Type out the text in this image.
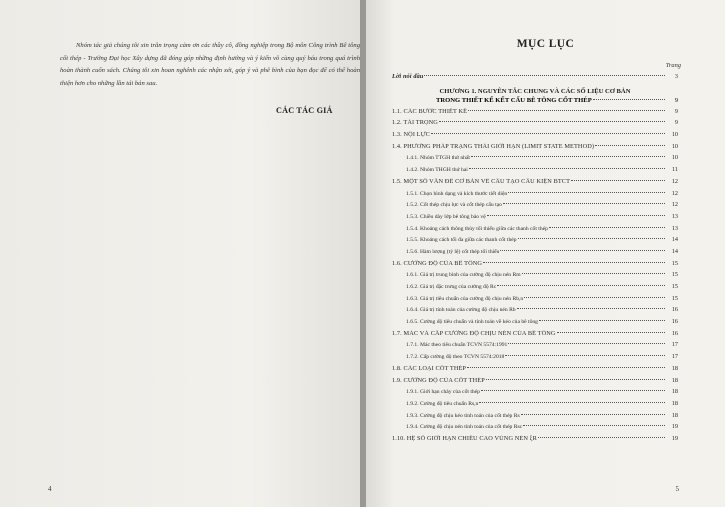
Nhóm tác giả chúng tôi xin trân trọng cảm ơn các thầy cô, đồng nghiệp trong Bộ môn Công trình Bê tông cốt thép - Trường Đại học Xây dựng đã đóng góp những định hướng và ý kiến vô cùng quý báu trong quá trình hoàn thành cuốn sách. Chúng tôi xin hoan nghênh các nhận xét, góp ý và phê bình của bạn đọc để có thể hoàn thiện hơn cho những lần tái bản sau.

CÁC TÁC GIẢ
4
MỤC LỤC
Trang
Lời nói đầu	3
CHƯƠNG 1. NGUYÊN TẮC CHUNG VÀ CÁC SỐ LIỆU CƠ BẢN
TRONG THIẾT KẾ KẾT CẤU BÊ TÔNG CỐT THÉP	9
1.1. CÁC BƯỚC THIẾT KẾ	9
1.2. TẢI TRỌNG	9
1.3. NỘI LỰC	10
1.4. PHƯƠNG PHÁP TRẠNG THÁI GIỚI HẠN (LIMIT STATE METHOD)	10
1.4.1. Nhóm TTGH thứ nhất	10
1.4.2. Nhóm THGH thứ hai	11
1.5. MỘT SỐ VẤN ĐỀ CƠ BẢN VỀ CẤU TẠO CẤU KIỆN BTCT	12
1.5.1. Chọn hình dạng và kích thước tiết diện	12
1.5.2. Cốt thép chịu lực và cốt thép cấu tạo	12
1.5.3. Chiều dày lớp bê tông bảo vệ	13
1.5.4. Khoảng cách thông thủy tối thiểu giữa các thanh cốt thép	13
1.5.5. Khoảng cách tối đa giữa các thanh cốt thép	14
1.5.6. Hàm lượng (tỷ lệ) cốt thép tối thiểu	14
1.6. CƯỜNG ĐỘ CỦA BÊ TÔNG	15
1.6.1. Giá trị trung bình của cường độ chịu nén Rm	15
1.6.2. Giá trị đặc trưng của cường độ Rc	15
1.6.3. Giá trị tiêu chuẩn của cường độ chịu nén Rb,n	15
1.6.4. Giá trị tính toán của cường độ chịu nén Rb	16
1.6.5. Cường độ tiêu chuẩn và tính toán về kéo của bê tông	16
1.7. MÁC VÀ CẤP CƯỜNG ĐỘ CHỊU NÉN CỦA BÊ TÔNG	16
1.7.1. Mác theo tiêu chuẩn TCVN 5574:1991	17
1.7.2. Cấp cường độ theo TCVN 5574:2018	17
1.8. CÁC LOẠI CỐT THÉP	18
1.9. CƯỜNG ĐỘ CỦA CỐT THÉP	18
1.9.1. Giới hạn chảy của cốt thép	18
1.9.2. Cường độ tiêu chuẩn Rs,n	18
1.9.3. Cường độ chịu kéo tính toán của cốt thép Rs	18
1.9.4. Cường độ chịu nén tính toán của cốt thép Rsc	19
1.10. HỆ SỐ GIỚI HẠN CHIỀU CAO VÙNG NÉN ξR	19
5
